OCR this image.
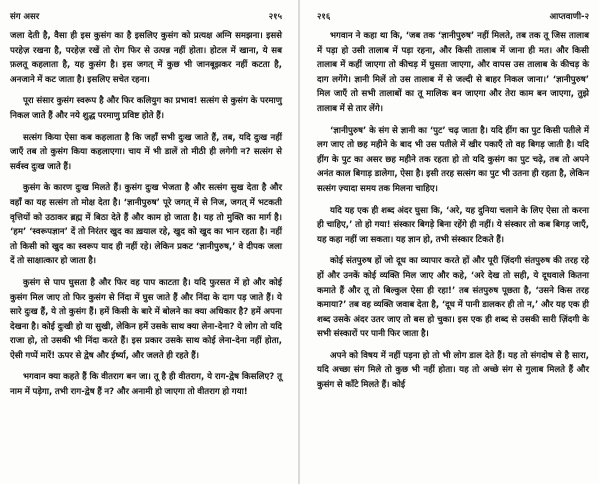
संग असर	२१५

जला देती है, वैसा ही इस कुसंग का है इसलिए कुसंग को प्रत्यक्ष अग्नि समझना। इससे परहेज़ रखना है, परहेज़ रखें तो रोग फिर से उत्पन्न नहीं होता। होटल में खाना, ये सब फ़लतू कहलाता है, यह कुसंग है। इस जगत् में कुछ भी जानबूझकर नहीं कटता है, अनजाने में कट जाता है। इसलिए सचेत रहना।

पूरा संसार कुसंग स्वरूप है और फिर कलियुग का प्रभाव! सत्संग से कुसंग के परमाणु निकल जाते हैं और नये शुद्ध परमाणु प्रविष्ट होते हैं।

सत्संग किया ऐसा कब कहलाता है कि जहाँ सभी दुःख जाते हैं, तब, यदि दुःख नहीं जाएँ तब तो कुसंग किया कहलाएगा। चाय में भी डालें तो मीठी ही लगेगी न? सत्संग से सर्वस्व दुःख जाते हैं।

कुसंग के कारण दुःख मिलते हैं। कुसंग दुःख भेजता है और सत्संग सुख देता है और वहाँ का यह सत्संग तो मोक्ष देता है। ‘ज्ञानीपुरुष’ पूरे जगत् में से निज, जगत् में भटकती वृत्तियों को उठाकर ब्रह्म में बिठा देते हैं और काम हो जाता है। यह तो मुक्ति का मार्ग है। ‘हम’ ‘स्वरूपज्ञान’ दें तो निरंतर खुद का ख़याल रहे, खुद को खुद का भान रहता है। नहीं तो किसी को खुद का स्वरूप याद ही नहीं रहे। लेकिन प्रकट ‘ज्ञानीपुरुष,’ वे दीपक जला दें तो साक्षात्कार हो जाता है।

कुसंग से पाप घुसता है और फिर वह पाप काटता है। यदि फुरसत में हो और कोई कुसंग मिल जाए तो फिर कुसंग से निंदा में घुस जाते हैं और निंदा के दाग पड़ जाते हैं। ये सारे दुःख हैं, ये तो कुसंग हैं। हमें किसी के बारे में बोलने का क्या अधिकार है? हमें अपना देखना है। कोई दुःखी हो या सुखी, लेकिन हमें उसके साथ क्या लेना-देना? ये लोग तो यदि राजा हो, तो उसकी भी निंदा करते हैं। इस प्रकार उसके साथ कोई लेना-देना नहीं होता, ऐसी गप्पें मारें! ऊपर से द्वेष और ईर्ष्या, और जलते ही रहते हैं।

भगवान क्या कहते हैं कि वीतराग बन जा। तू है ही वीतराग, ये राग-द्वेष किसलिए? तू नाम में पड़ेगा, तभी राग-द्वेष हैं न? और अनामी हो जाएगा तो वीतराग हो गया!

२१६	आप्तवाणी-२

भगवान ने कहा था कि, ‘जब तक ‘ज्ञानीपुरुष’ नहीं मिलते, तब तक तू जिस तालाब में पड़ा हो उसी तालाब में पड़ा रहना, और किसी तालाब में जाना ही मत। और किसी तालाब में कहीं जाएगा तो कीचड़ में घुसता जाएगा, और वापस उस तालाब के कीचड़ के दाग लगेंगे। ज्ञानी मिलें तो उस तालाब में से जल्दी से बाहर निकल जाना।’ ‘ज्ञानीपुरुष’ मिल जाएँ तो सभी तालाबों का तू मालिक बन जाएगा और तेरा काम बन जाएगा, तुझे तालाब में से तार लेंगे।

‘ज्ञानीपुरुष’ के संग से ज्ञानी का ‘पुट’ चढ़ जाता है। यदि हींग का पुट किसी पतीले में लग जाए तो छह महीने के बाद भी उस पतीले में खीर पकाएँ तो वह बिगड़ जाती है। यदि हींग के पुट का असर छह महीने तक रहता हो तो यदि कुसंग का पुट चढ़े, तब तो अपने अनंत काल बिगाड़ डालेगा, ऐसा है। इसी तरह सत्संग का पुट भी उतना ही रहता है, लेकिन सत्संग ज़्यादा समय तक मिलना चाहिए।

यदि यह एक ही शब्द अंदर घुसा कि, ‘अरे, यह दुनिया चलाने के लिए ऐसा तो करना ही चाहिए,’ तो हो गया! संस्कार बिगड़े बिना रहेंगे ही नहीं। ये संस्कार तो कब बिगड़ जाएँ, यह कहा नहीं जा सकता। यह ज्ञान हो, तभी संस्कार टिकते हैं।

कोई संतपुरुष हों जो दूध का व्यापार करते हों और पूरी ज़िंदगी संतपुरुष की तरह रहे हों और उनकें कोई व्यक्ति मिल जाए और कहे, ‘अरे देख तो सही, ये दूधवाले कितना कमाते हैं और तू तो बिल्कुल ऐसा ही रहा!’ तब संतपुरुष पूछता है, ‘उसने किस तरह कमाया?’ तब वह व्यक्ति जवाब देता है, ‘दूध में पानी डालकर ही तो न,’ और यह एक ही शब्द उसके अंदर उतर जाए तो बस हो चुका। इस एक ही शब्द से उसकी सारी ज़िंदगी के सभी संस्कारों पर पानी फिर जाता है।

अपने को विषय में नहीं पड़ना हो तो भी लोग डाल देते हैं। यह तो संगदोष से है सारा, यदि अच्छा संग मिले तो कुछ भी नहीं होता। यह तो अच्छे संग से गुलाब मिलते हैं और कुसंग से काँटे मिलते हैं। कोई
